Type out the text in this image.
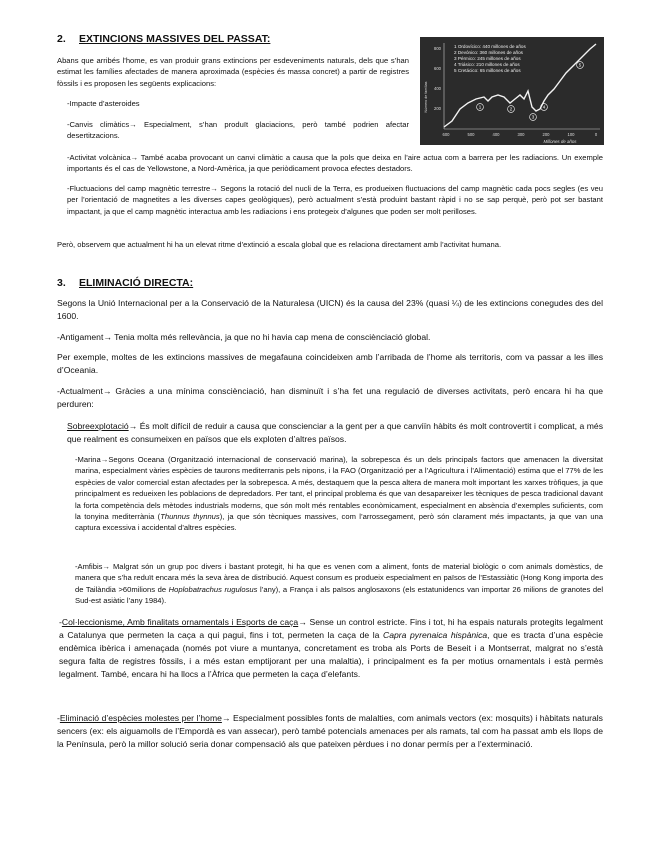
2. EXTINCIONS MASSIVES DEL PASSAT:
Abans que arribés l’home, es van produir grans extincions per esdeveniments naturals, dels que s’han estimat les famílies afectades de manera aproximada (espècies és massa concret) a partir de registres fòssils i es proposen les següents explicacions:
-Impacte d’asteroides
-Canvis climàtics→ Especialment, s’han produït glaciacions, però també podrien afectar desertitzacions.
-Activitat volcànica→ També acaba provocant un canvi climàtic a causa que la pols que deixa en l’aire actua com a barrera per les radiacions. Un exemple importants és el cas de Yellowstone, a Nord-Amèrica, ja que periòdicament provoca efectes destadors.
-Fluctuacions del camp magnètic terrestre→ Segons la rotació del nucli de la Terra, es produeixen fluctuacions del camp magnètic cada pocs segles (es veu per l’orientació de magnetites a les diverses capes geològiques), però actualment s’està produint bastant ràpid i no se sap perquè, però pot ser bastant impactant, ja que el camp magnètic interactua amb les radiacions i ens protegeix d’algunes que poden ser molt perilloses.
Però, observem que actualment hi ha un elevat ritme d’extinció a escala global que es relaciona directament amb l’activitat humana.
Número de familias
800
600
400
200
600	500	400	300	200	100	0
Millones de años
1 Ordovícico: 440 millones de años
2 Devónico: 360 millones de años
3 Pérmico: 245 millones de años
4 Triásico: 210 millones de años
5 Cretácico: 65 millones de años
1	2
3
4
5
3. ELIMINACIÓ DIRECTA:
Segons la Unió Internacional per a la Conservació de la Naturalesa (UICN) és la causa del 23% (quasi ¼) de les extincions conegudes des del 1600.
-Antigament→ Tenia molta més rellevància, ja que no hi havia cap mena de consciènciació global.
Per exemple, moltes de les extincions massives de megafauna coincideixen amb l’arribada de l’home als territoris, com va passar a les illes d’Oceania.
-Actualment→ Gràcies a una mínima consciènciació, han disminuït i s’ha fet una regulació de diverses activitats, però encara hi ha que perduren:
Sobreexplotació→ És molt difícil de reduir a causa que conscienciar a la gent per a que canviïn hàbits és molt controvertit i complicat, a més que realment es consumeixen en països que els exploten d’altres països.
-Marina→Segons Oceana (Organització internacional de conservació marina), la sobrepesca és un dels principals factors que amenacen la diversitat marina, especialment vàries espècies de taurons mediterranis pels nipons, i la FAO (Organització per a l’Agricultura i l’Alimentació) estima que el 77% de les espècies de valor comercial estan afectades per la sobrepesca. A més, destaquem que la pesca altera de manera molt important les xarxes tròfiques, ja que principalment es redueixen les poblacions de depredadors. Per tant, el principal problema és que van desapareixer les tècniques de pesca tradicional davant la forta competència dels mètodes industrials moderns, que són molt més rentables econòmicament, especialment en absència d’exemples suficients, com la tonyina mediterrània (Thunnus thynnus), ja que són tècniques massives, com l’arrossegament, però són clarament més impactants, ja que van una captura excessiva i accidental d’altres espècies.
-Amfibis→ Malgrat són un grup poc divers i bastant protegit, hi ha que es venen com a aliment, fonts de material biològic o com animals domèstics, de manera que s’ha reduït encara més la seva àrea de distribució. Aquest consum es produeix especialment en països de l’Estassiàtic (Hong Kong importa des de Tailàndia >60milions de Hoplobatrachus rugulosus l’any), a França i als països anglosaxons (els estatunidencs van importar 26 milions de granotes del Sud-est asiàtic l’any 1984).
-Col·leccionisme, Amb finalitats ornamentals i Esports de caça→ Sense un control estricte. Fins i tot, hi ha espais naturals protegits legalment a Catalunya que permeten la caça a qui pagui, fins i tot, permeten la caça de la Capra pyrenaica hispànica, que es tracta d’una espècie endèmica ibèrica i amenaçada (només pot viure a muntanya, concretament es troba als Ports de Beseit i a Montserrat, malgrat no s’està segura falta de registres fòssils, i a més estan emptijorant per una malaltia), i principalment es fa per motius ornamentals i està permès legalment. També, encara hi ha llocs a l’Àfrica que permeten la caça d’elefants.
-Eliminació d’espècies molestes per l’home→ Especialment possibles fonts de malalties, com animals vectors (ex: mosquits) i hàbitats naturals sencers (ex: els aiguamolls de l’Empordà es van assecar), però també potencials amenaces per als ramats, tal com ha passat amb els llops de la Península, però la millor solució seria donar compensació als que pateixen pèrdues i no donar permís per a l’exterminació.
